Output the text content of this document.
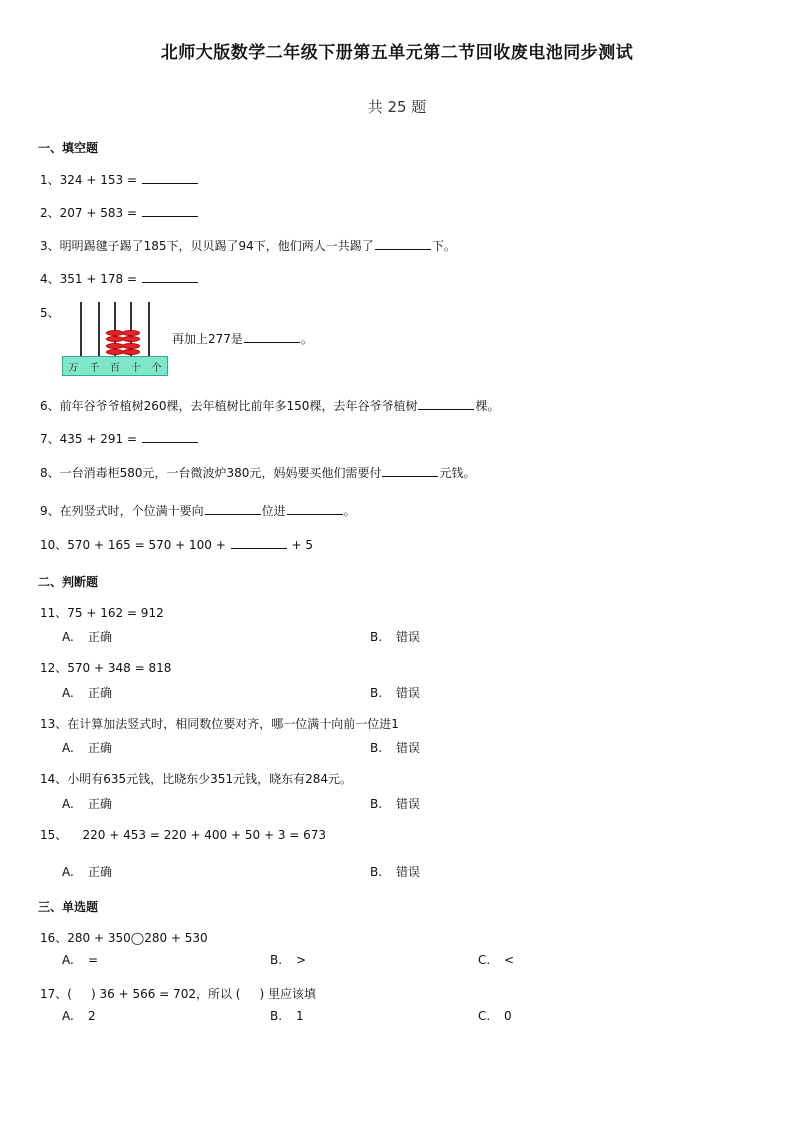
北师大版数学二年级下册第五单元第二节回收废电池同步测试
共 25 题
一、填空题
1、324 + 153 =
2、207 + 583 =
3、明明踢毽子踢了185下，贝贝踢了94下，他们两人一共踢了	下。
4、351 + 178 =
5、
万 千 百 十 个
再加上277是	。
6、前年谷爷爷植树260棵，去年植树比前年多150棵，去年谷爷爷植树	棵。
7、435 + 291 =
8、一台消毒柜580元，一台微波炉380元，妈妈要买他们需要付	元钱。
9、在列竖式时，个位满十要向	位进	。
10、570 + 165 = 570 + 100 +	+ 5
二、判断题
11、75 + 162 = 912
A. 正确	B. 错误
12、570 + 348 = 818
A. 正确	B. 错误
13、在计算加法竖式时，相同数位要对齐，哪一位满十向前一位进1
A. 正确	B. 错误
14、小明有635元钱，比晓东少351元钱，晓东有284元。
A. 正确	B. 错误
15、    220 + 453 = 220 + 400 + 50 + 3 = 673
A. 正确	B. 错误
三、单选题
16、280 + 350◯280 + 530
A. =	B. >	C. <
17、(     ) 36 + 566 = 702，所以 (     ) 里应该填
A. 2	B. 1	C. 0
